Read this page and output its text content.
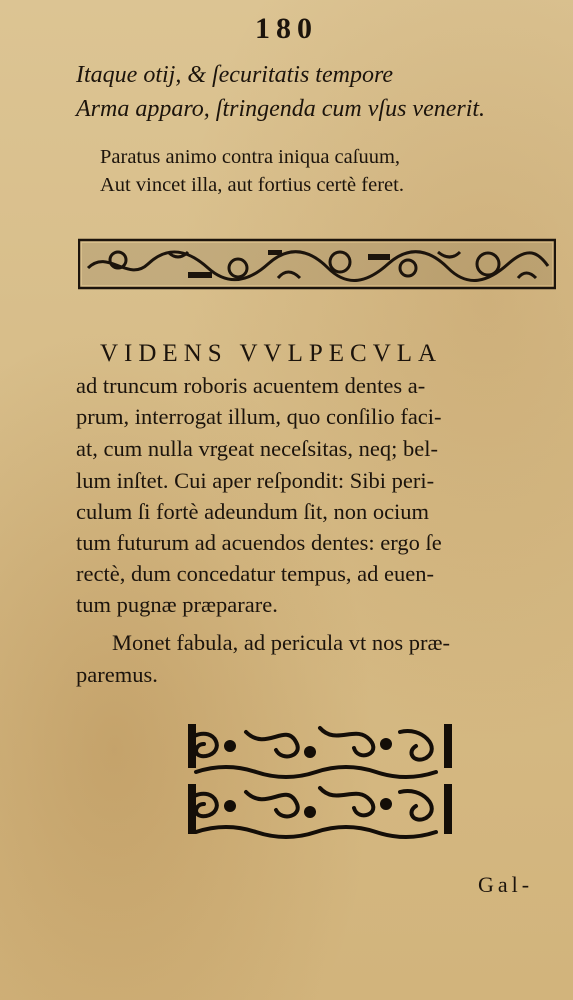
180
Itaque otij, & ſecuritatis tempore
Arma apparo, ſtringenda cum vſus venerit.
Paratus animo contra iniqua caſuum,
Aut vincet illa, aut fortius certè feret.
VIDENS VVLPECVLA
ad truncum roboris acuentem dentes a-
prum, interrogat illum, quo conſilio faci-
at, cum nulla vrgeat neceſsitas, neq; bel-
lum inſtet. Cui aper reſpondit: Sibi peri-
culum ſi fortè adeundum ſit, non ocium
tum futurum ad acuendos dentes: ergo ſe
rectè, dum concedatur tempus, ad euen-
tum pugnæ præparare.
Monet fabula, ad pericula vt nos præ-
paremus.
Gal-
